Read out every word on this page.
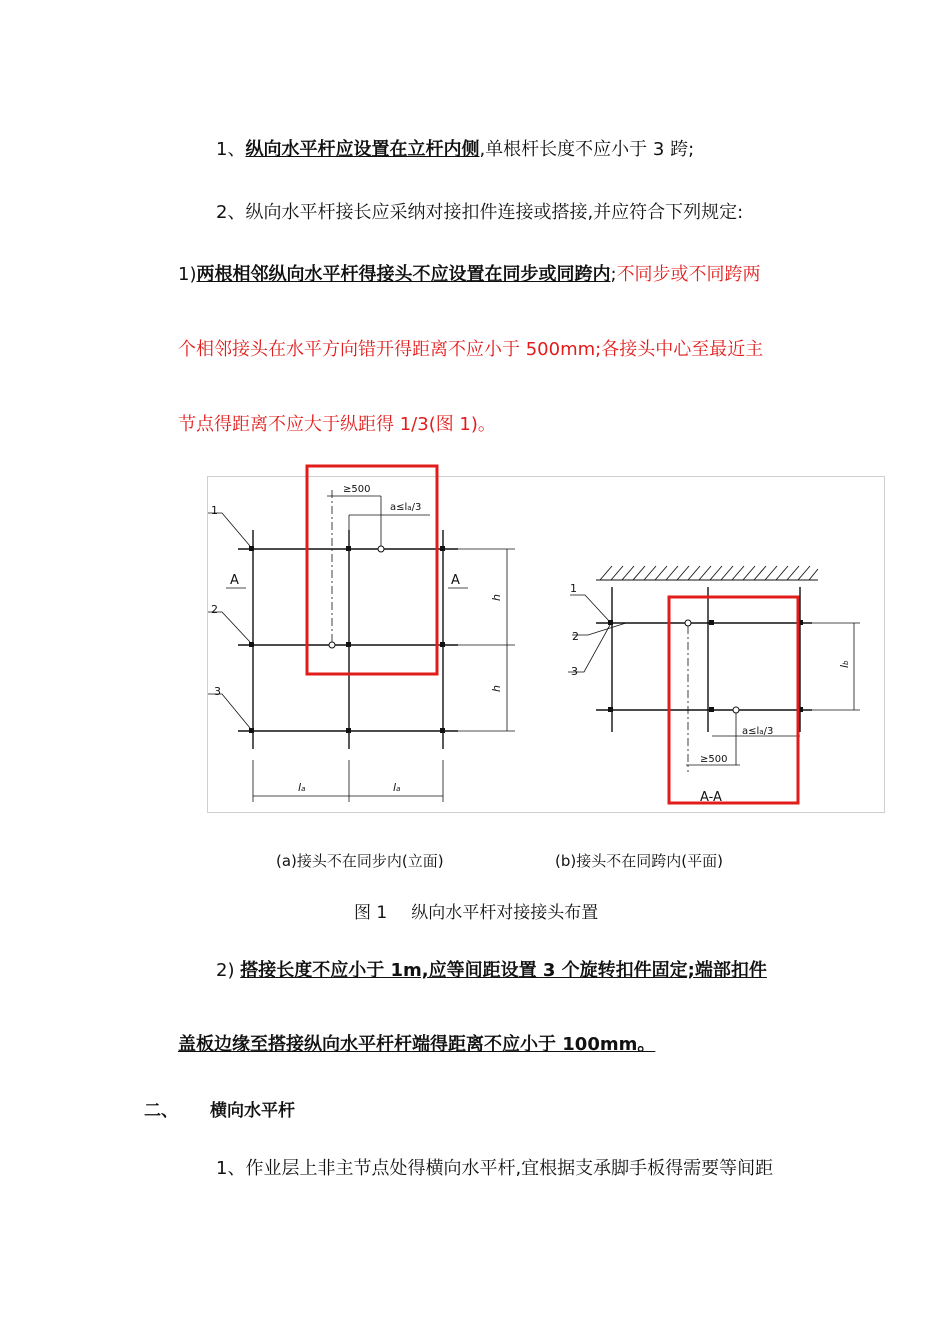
1、纵向水平杆应设置在立杆内侧,单根杆长度不应小于 3 跨;
2、纵向水平杆接长应采纳对接扣件连接或搭接,并应符合下列规定:
1)两根相邻纵向水平杆得接头不应设置在同步或同跨内;不同步或不同跨两
个相邻接头在水平方向错开得距离不应小于 500mm;各接头中心至最近主
节点得距离不应大于纵距得 1/3(图 1)。
1
2
3
A	A
≥500
a≤la/3
h
h
la	la
1
2
3	lb
a≤la/3
≥500
A-A
(a)接头不在同步内(立面)	(b)接头不在同跨内(平面)
图 1 纵向水平杆对接接头布置
2) 搭接长度不应小于 1m,应等间距设置 3 个旋转扣件固定;端部扣件
盖板边缘至搭接纵向水平杆杆端得距离不应小于 100mm。
二、 横向水平杆
1、作业层上非主节点处得横向水平杆,宜根据支承脚手板得需要等间距
